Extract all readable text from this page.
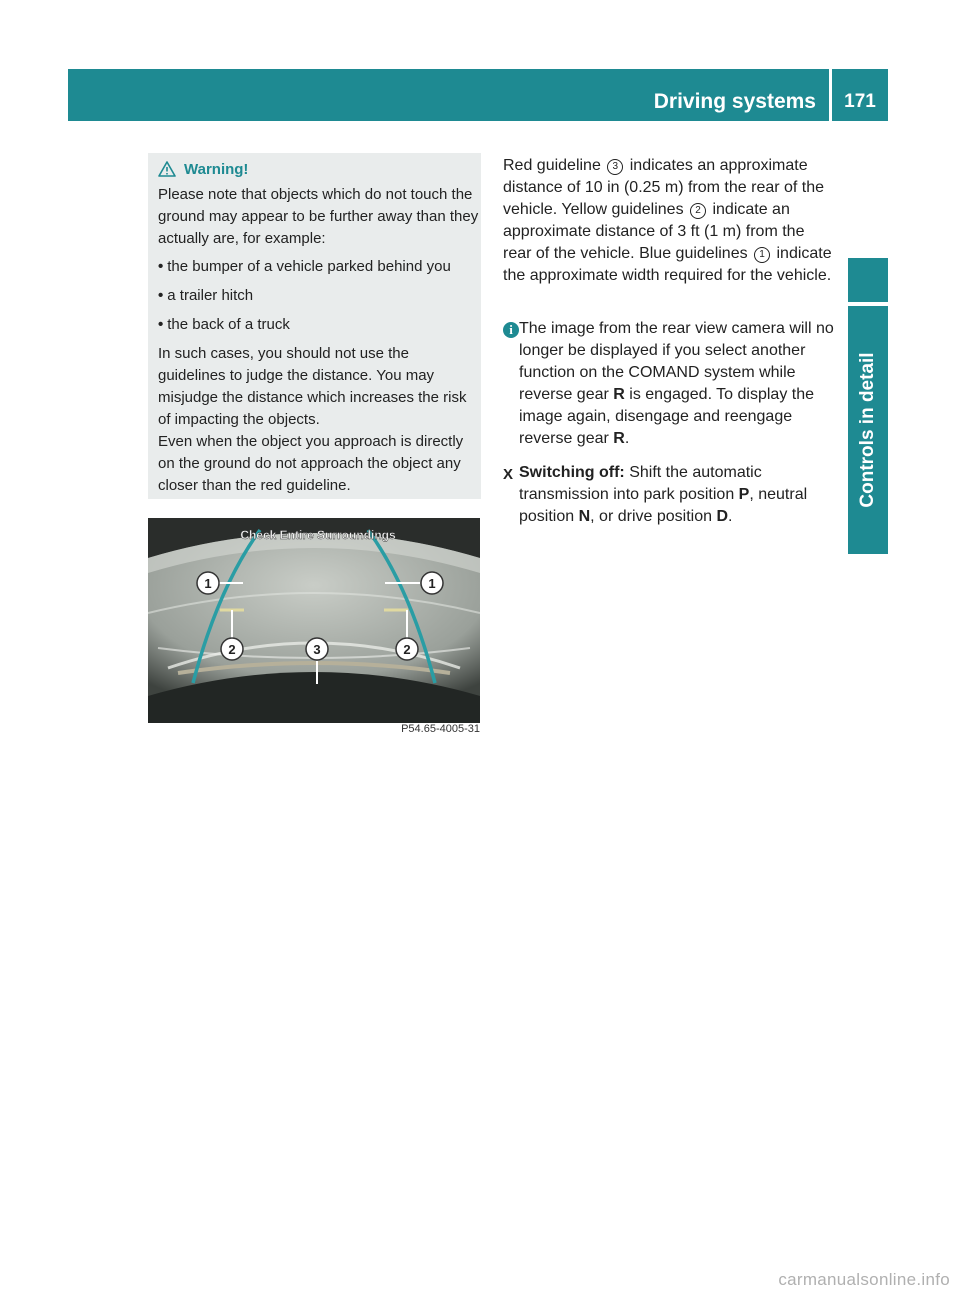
Driving systems	171
Controls in detail
Warning!
Please note that objects which do not touch the ground may appear to be further away than they actually are, for example:
• the bumper of a vehicle parked behind you
• a trailer hitch
• the back of a truck
In such cases, you should not use the guidelines to judge the distance. You may misjudge the distance which increases the risk of impacting the objects.
Even when the object you approach is directly on the ground do not approach the object any closer than the red guideline.
1	1
2	3	2
Check Entire Surroundings
P54.65-4005-31
Red guideline 3 indicates an approximate distance of 10 in (0.25 m) from the rear of the vehicle. Yellow guidelines 2 indicate an approximate distance of 3 ft (1 m) from the rear of the vehicle. Blue guidelines 1 indicate the approximate width required for the vehicle.
i The image from the rear view camera will no longer be displayed if you select another function on the COMAND system while reverse gear R is engaged. To display the image again, disengage and reengage reverse gear R.
X Switching off: Shift the automatic transmission into park position P, neutral position N, or drive position D.
carmanualsonline.info
